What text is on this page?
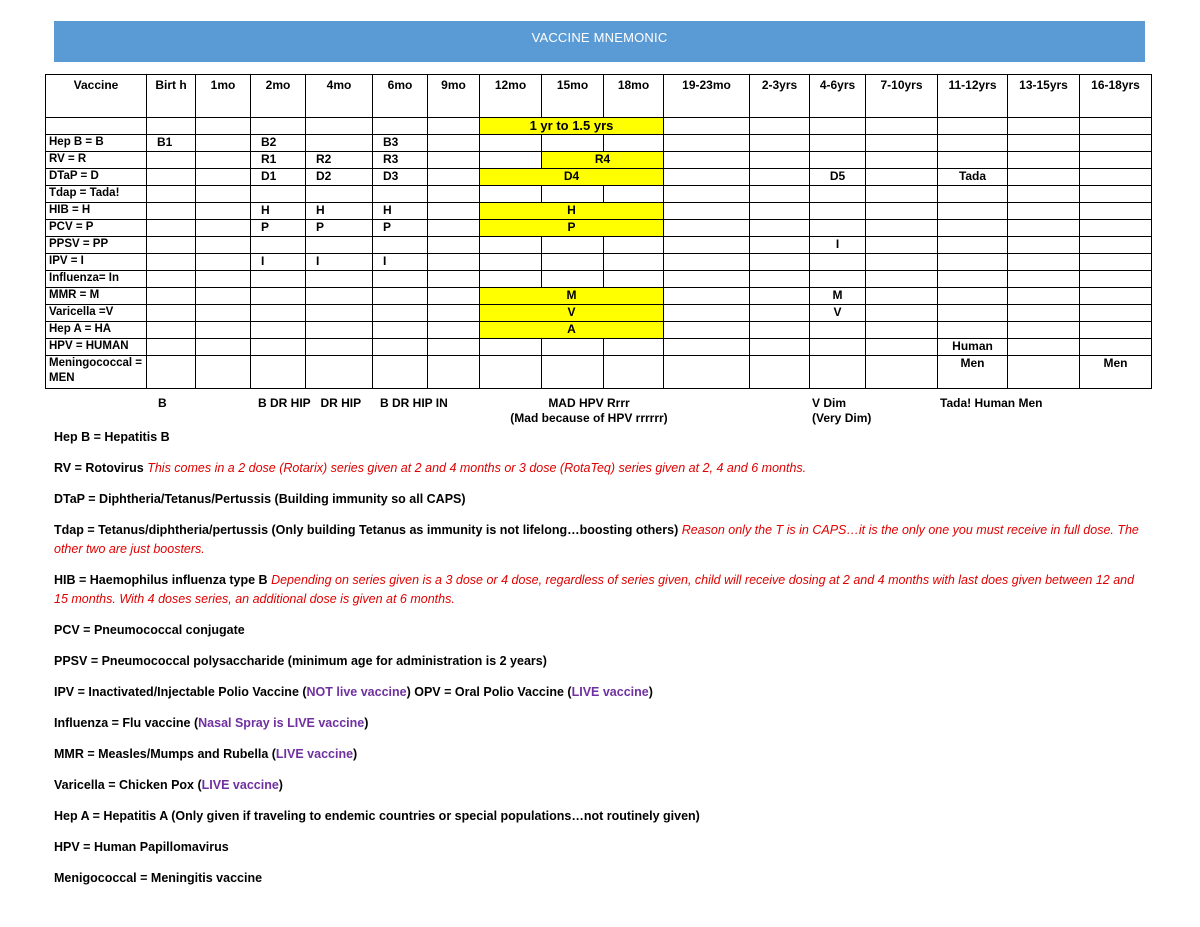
VACCINE MNEMONIC
Vaccine	Birt h	1mo	2mo	4mo	6mo	9mo	12mo	15mo	18mo	19-23mo	2-3yrs	4-6yrs	7-10yrs	11-12yrs	13-15yrs	16-18yrs
							1 yr to 1.5 yrs									
Hep B = B	B1		B2		B3											
RV = R			R1	R2	R3			R4								
DTaP = D			D1	D2	D3		D4					D5		Tada		
Tdap = Tada!																
HIB = H			H	H	H		H									
PCV = P			P	P	P		P									
PPSV = PP												I				
IPV = I			I	I	I											
Influenza= In																
MMR = M							M					M				
Varicella =V							V					V				
Hep A = HA							A									
HPV = HUMAN														Human		
Meningococcal = MEN														Men		Men
B	B DR HIP   DR HIP B DR HIP IN	MAD HPV Rrrr
(Mad because of HPV rrrrrr)
V Dim
(Very Dim)
Tada! Human Men

Hep B = Hepatitis B

RV = Rotovirus This comes in a 2 dose (Rotarix) series given at 2 and 4 months or 3 dose (RotaTeq) series given at 2, 4 and 6 months.

DTaP = Diphtheria/Tetanus/Pertussis (Building immunity so all CAPS)

Tdap = Tetanus/diphtheria/pertussis (Only building Tetanus as immunity is not lifelong…boosting others) Reason only the T is in CAPS…it is the only one you must receive in full dose. The other two are just boosters.

HIB = Haemophilus influenza type B Depending on series given is a 3 dose or 4 dose, regardless of series given, child will receive dosing at 2 and 4 months with last does given between 12 and 15 months. With 4 doses series, an additional dose is given at 6 months.

PCV = Pneumococcal conjugate

PPSV = Pneumococcal polysaccharide (minimum age for administration is 2 years)

IPV = Inactivated/Injectable Polio Vaccine (NOT live vaccine) OPV = Oral Polio Vaccine (LIVE vaccine)

Influenza = Flu vaccine (Nasal Spray is LIVE vaccine)

MMR = Measles/Mumps and Rubella (LIVE vaccine)

Varicella = Chicken Pox (LIVE vaccine)

Hep A = Hepatitis A (Only given if traveling to endemic countries or special populations…not routinely given)

HPV = Human Papillomavirus

Menigococcal = Meningitis vaccine
